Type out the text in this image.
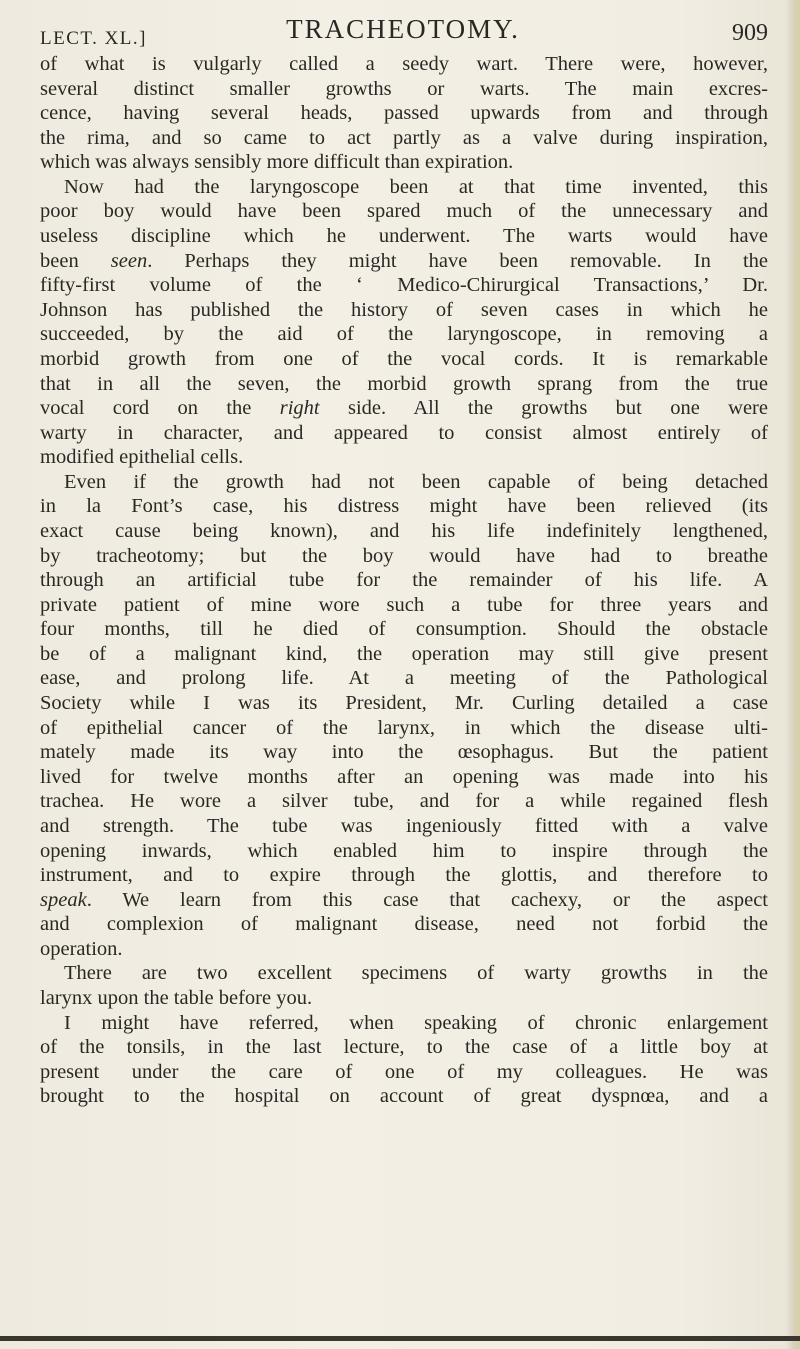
LECT. XL.]	TRACHEOTOMY.	909
of what is vulgarly called a seedy wart. There were, however,
several distinct smaller growths or warts. The main excres-
cence, having several heads, passed upwards from and through
the rima, and so came to act partly as a valve during inspiration,
which was always sensibly more difficult than expiration.
Now had the laryngoscope been at that time invented, this
poor boy would have been spared much of the unnecessary and
useless discipline which he underwent. The warts would have
been seen. Perhaps they might have been removable. In the
fifty-first volume of the ‘ Medico-Chirurgical Transactions,’ Dr.
Johnson has published the history of seven cases in which he
succeeded, by the aid of the laryngoscope, in removing a
morbid growth from one of the vocal cords. It is remarkable
that in all the seven, the morbid growth sprang from the true
vocal cord on the right side. All the growths but one were
warty in character, and appeared to consist almost entirely of
modified epithelial cells.
Even if the growth had not been capable of being detached
in la Font’s case, his distress might have been relieved (its
exact cause being known), and his life indefinitely lengthened,
by tracheotomy; but the boy would have had to breathe
through an artificial tube for the remainder of his life. A
private patient of mine wore such a tube for three years and
four months, till he died of consumption. Should the obstacle
be of a malignant kind, the operation may still give present
ease, and prolong life. At a meeting of the Pathological
Society while I was its President, Mr. Curling detailed a case
of epithelial cancer of the larynx, in which the disease ulti-
mately made its way into the œsophagus. But the patient
lived for twelve months after an opening was made into his
trachea. He wore a silver tube, and for a while regained flesh
and strength. The tube was ingeniously fitted with a valve
opening inwards, which enabled him to inspire through the
instrument, and to expire through the glottis, and therefore to
speak. We learn from this case that cachexy, or the aspect
and complexion of malignant disease, need not forbid the
operation.
There are two excellent specimens of warty growths in the
larynx upon the table before you.
I might have referred, when speaking of chronic enlargement
of the tonsils, in the last lecture, to the case of a little boy at
present under the care of one of my colleagues. He was
brought to the hospital on account of great dyspnœa, and a
